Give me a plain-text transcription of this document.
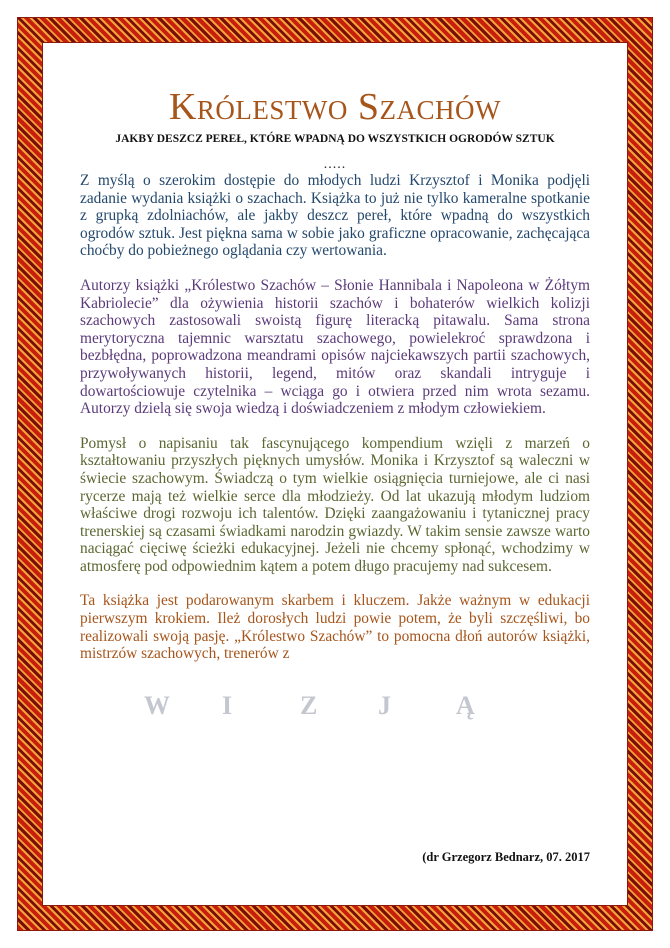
Królestwo Szachów

JAKBY DESZCZ PEREŁ, KTÓRE WPADNĄ DO WSZYSTKICH OGRODÓW SZTUK

.....

Z myślą o szerokim dostępie do młodych ludzi Krzysztof i Monika podjęli zadanie wydania książki o szachach. Książka to już nie tylko kameralne spotkanie z grupką zdolniachów, ale jakby deszcz pereł, które wpadną do wszystkich ogrodów sztuk. Jest piękna sama w sobie jako graficzne opracowanie, zachęcająca choćby do pobieżnego oglądania czy wertowania.

Autorzy książki „Królestwo Szachów – Słonie Hannibala i Napoleona w Żółtym Kabriolecie” dla ożywienia historii szachów i bohaterów wielkich kolizji szachowych zastosowali swoistą figurę literacką pitawalu. Sama strona merytoryczna tajemnic warsztatu szachowego, powielekroć sprawdzona i bezbłędna, poprowadzona meandrami opisów najciekawszych partii szachowych, przywoływanych historii, legend, mitów oraz skandali intryguje i dowartościowuje czytelnika – wciąga go i otwiera przed nim wrota sezamu. Autorzy dzielą się swoja wiedzą i doświadczeniem z młodym człowiekiem.

Pomysł o napisaniu tak fascynującego kompendium wzięli z marzeń o kształtowaniu przyszłych pięknych umysłów. Monika i Krzysztof są waleczni w świecie szachowym. Świadczą o tym wielkie osiągnięcia turniejowe, ale ci nasi rycerze mają też wielkie serce dla młodzieży. Od lat ukazują młodym ludziom właściwe drogi rozwoju ich talentów. Dzięki zaangażowaniu i tytanicznej pracy trenerskiej są czasami świadkami narodzin gwiazdy. W takim sensie zawsze warto naciągać cięciwę ścieżki edukacyjnej. Jeżeli nie chcemy spłonąć, wchodzimy w atmosferę pod odpowiednim kątem a potem długo pracujemy nad sukcesem.

Ta książka jest podarowanym skarbem i kluczem. Jakże ważnym w edukacji pierwszym krokiem. Ileż dorosłych ludzi powie potem, że byli szczęśliwi, bo realizowali swoją pasję. „Królestwo Szachów” to pomocna dłoń autorów książki, mistrzów szachowych, trenerów z

W I	Z J	Ą
(dr Grzegorz Bednarz, 07. 2017
